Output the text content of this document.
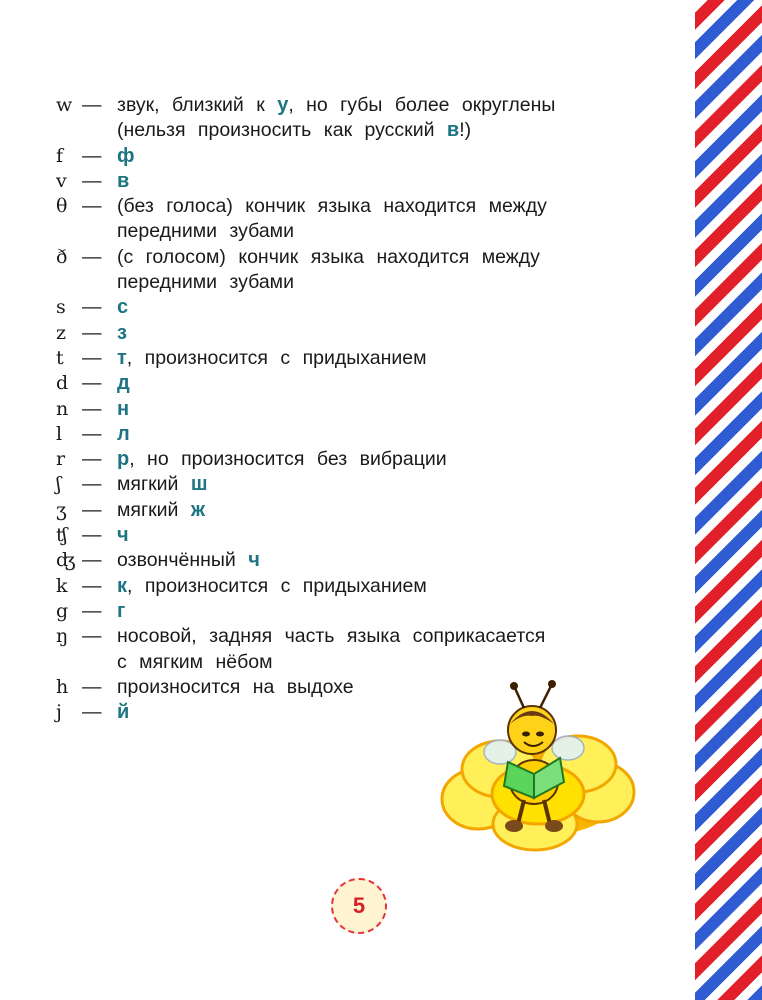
w — звук, близкий к у, но губы более округлены
(нельзя произносить как русский в!)
f — ф
v — в
θ — (без голоса) кончик языка находится между
передними зубами
ð — (с голосом) кончик языка находится между
передними зубами
s — с
z — з
t — т, произносится с придыханием
d — д
n — н
l	— л
r — р, но произносится без вибрации
ʃ	— мягкий ш
ʒ — мягкий ж
ʧ — ч
ʤ — озвончённый ч
k — к, произносится с придыханием
g — г
ŋ — носовой, задняя часть языка соприкасается
с мягким нёбом
h — произносится на выдохе
j	— й
5
